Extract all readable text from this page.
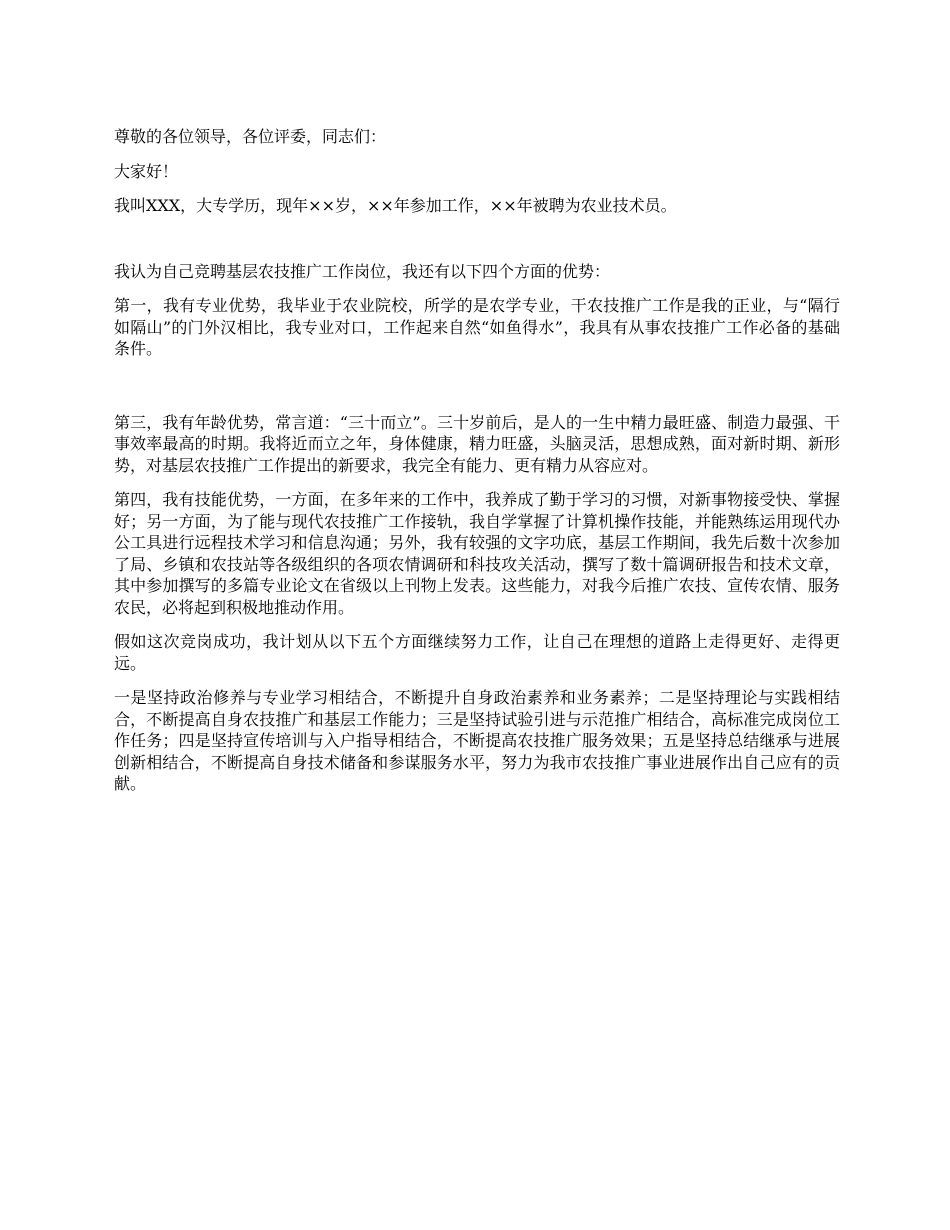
尊敬的各位领导，各位评委，同志们：

大家好！

我叫XXX，大专学历，现年××岁，××年参加工作，××年被聘为农业技术员。

我认为自己竞聘基层农技推广工作岗位，我还有以下四个方面的优势：

第一，我有专业优势，我毕业于农业院校，所学的是农学专业，干农技推广工作是我的正业，与“隔行如隔山”的门外汉相比，我专业对口，工作起来自然“如鱼得水”，我具有从事农技推广工作必备的基础条件。

第三，我有年龄优势，常言道：“三十而立”。三十岁前后，是人的一生中精力最旺盛、制造力最强、干事效率最高的时期。我将近而立之年，身体健康，精力旺盛，头脑灵活，思想成熟，面对新时期、新形势，对基层农技推广工作提出的新要求，我完全有能力、更有精力从容应对。

第四，我有技能优势，一方面，在多年来的工作中，我养成了勤于学习的习惯，对新事物接受快、掌握好；另一方面，为了能与现代农技推广工作接轨，我自学掌握了计算机操作技能，并能熟练运用现代办公工具进行远程技术学习和信息沟通；另外，我有较强的文字功底，基层工作期间，我先后数十次参加了局、乡镇和农技站等各级组织的各项农情调研和科技攻关活动，撰写了数十篇调研报告和技术文章，其中参加撰写的多篇专业论文在省级以上刊物上发表。这些能力，对我今后推广农技、宣传农情、服务农民，必将起到积极地推动作用。

假如这次竞岗成功，我计划从以下五个方面继续努力工作，让自己在理想的道路上走得更好、走得更远。

一是坚持政治修养与专业学习相结合，不断提升自身政治素养和业务素养；二是坚持理论与实践相结合，不断提高自身农技推广和基层工作能力；三是坚持试验引进与示范推广相结合，高标准完成岗位工作任务；四是坚持宣传培训与入户指导相结合，不断提高农技推广服务效果；五是坚持总结继承与进展创新相结合，不断提高自身技术储备和参谋服务水平，努力为我市农技推广事业进展作出自己应有的贡献。
